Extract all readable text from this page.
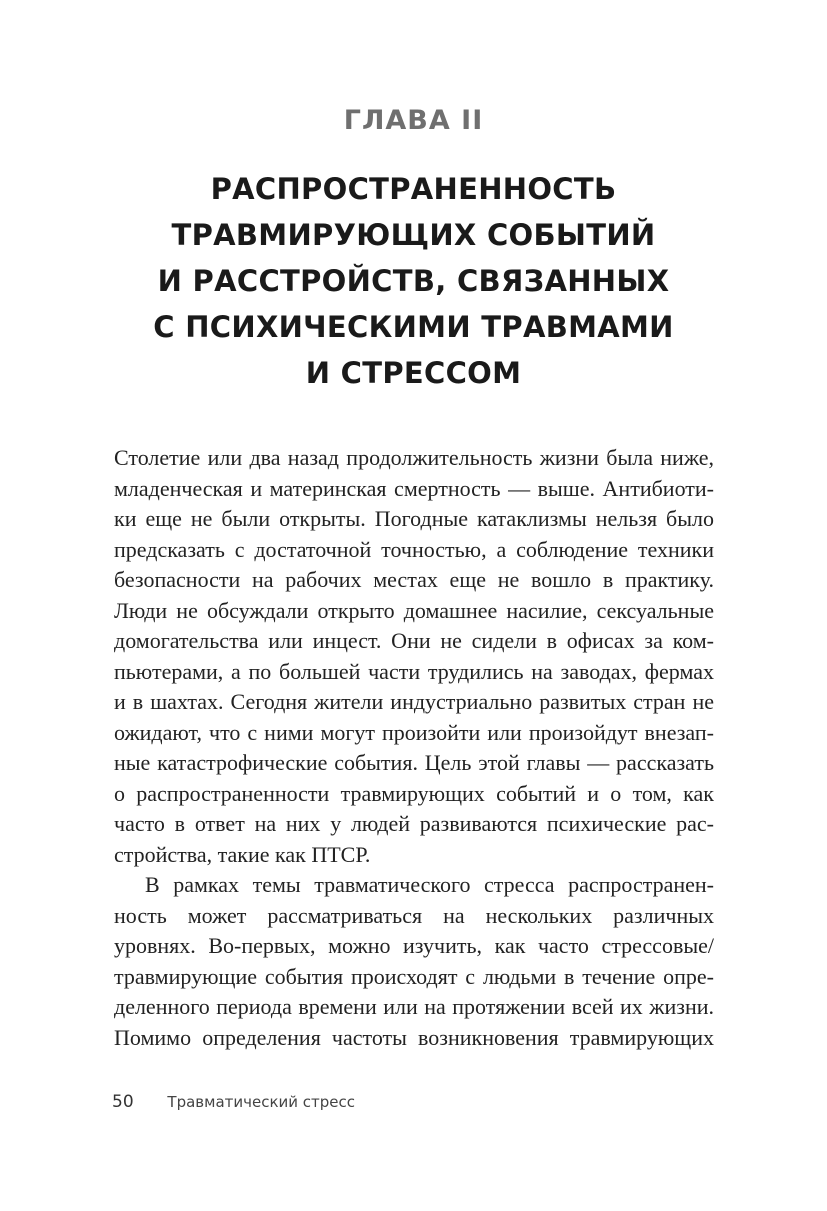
ГЛАВА II
РАСПРОСТРАНЕННОСТЬ
ТРАВМИРУЮЩИХ СОБЫТИЙ
И РАССТРОЙСТВ, СВЯЗАННЫХ
С ПСИХИЧЕСКИМИ ТРАВМАМИ
И СТРЕССОМ
Столетие или два назад продолжительность жизни была ниже,
младенческая и материнская смертность — выше. Антибиоти-
ки еще не были открыты. Погодные катаклизмы нельзя было
предсказать с достаточной точностью, а соблюдение техники
безопасности на рабочих местах еще не вошло в практику.
Люди не обсуждали открыто домашнее насилие, сексуальные
домогательства или инцест. Они не сидели в офисах за ком-
пьютерами, а по большей части трудились на заводах, фермах
и в шахтах. Сегодня жители индустриально развитых стран не
ожидают, что с ними могут произойти или произойдут внезап-
ные катастрофические события. Цель этой главы — рассказать
о распространенности травмирующих событий и о том, как
часто в ответ на них у людей развиваются психические рас-
стройства, такие как ПТСР.
В рамках темы травматического стресса распространен-
ность может рассматриваться на нескольких различных
уровнях. Во-первых, можно изучить, как часто стрессовые/
травмирующие события происходят с людьми в течение опре-
деленного периода времени или на протяжении всей их жизни.
Помимо определения частоты возникновения травмирующих
50 Травматический стресс
